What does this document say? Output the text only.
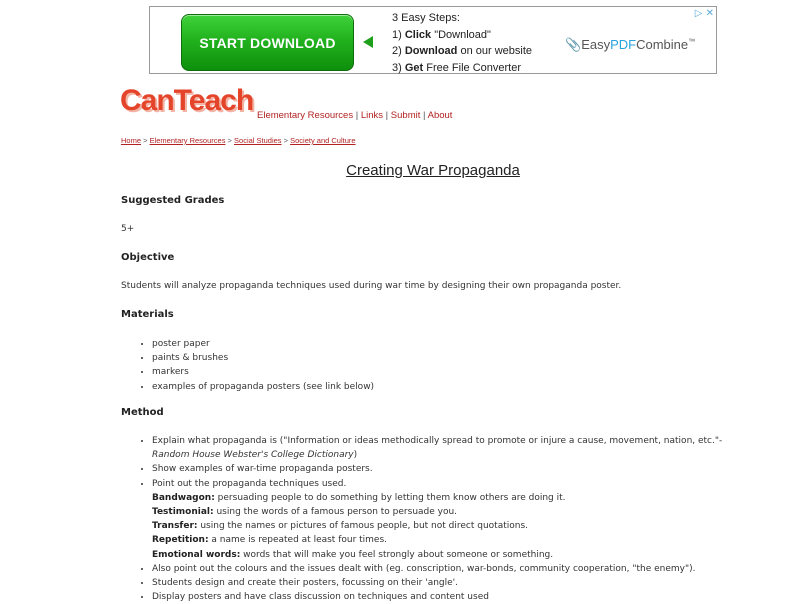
START DOWNLOAD
3 Easy Steps:
1) Click "Download"
2) Download on our website
3) Get Free File Converter
📎EasyPDFCombine™
▷ ✕
CanTeach Elementary Resources | Links | Submit | About
Home > Elementary Resources > Social Studies > Society and Culture
Creating War Propaganda
Suggested Grades
5+
Objective
Students will analyze propaganda techniques used during war time by designing their own propaganda poster.
Materials
• poster paper
• paints & brushes
• markers
• examples of propaganda posters (see link below)
Method
• Explain what propaganda is ("Information or ideas methodically spread to promote or injure a cause, movement, nation, etc."- Random House Webster's College Dictionary)
• Show examples of war-time propaganda posters.
• Point out the propaganda techniques used.
Bandwagon: persuading people to do something by letting them know others are doing it.
Testimonial: using the words of a famous person to persuade you.
Transfer: using the names or pictures of famous people, but not direct quotations.
Repetition: a name is repeated at least four times.
Emotional words: words that will make you feel strongly about someone or something.
• Also point out the colours and the issues dealt with (eg. conscription, war-bonds, community cooperation, "the enemy").
• Students design and create their posters, focussing on their 'angle'.
• Display posters and have class discussion on techniques and content used
